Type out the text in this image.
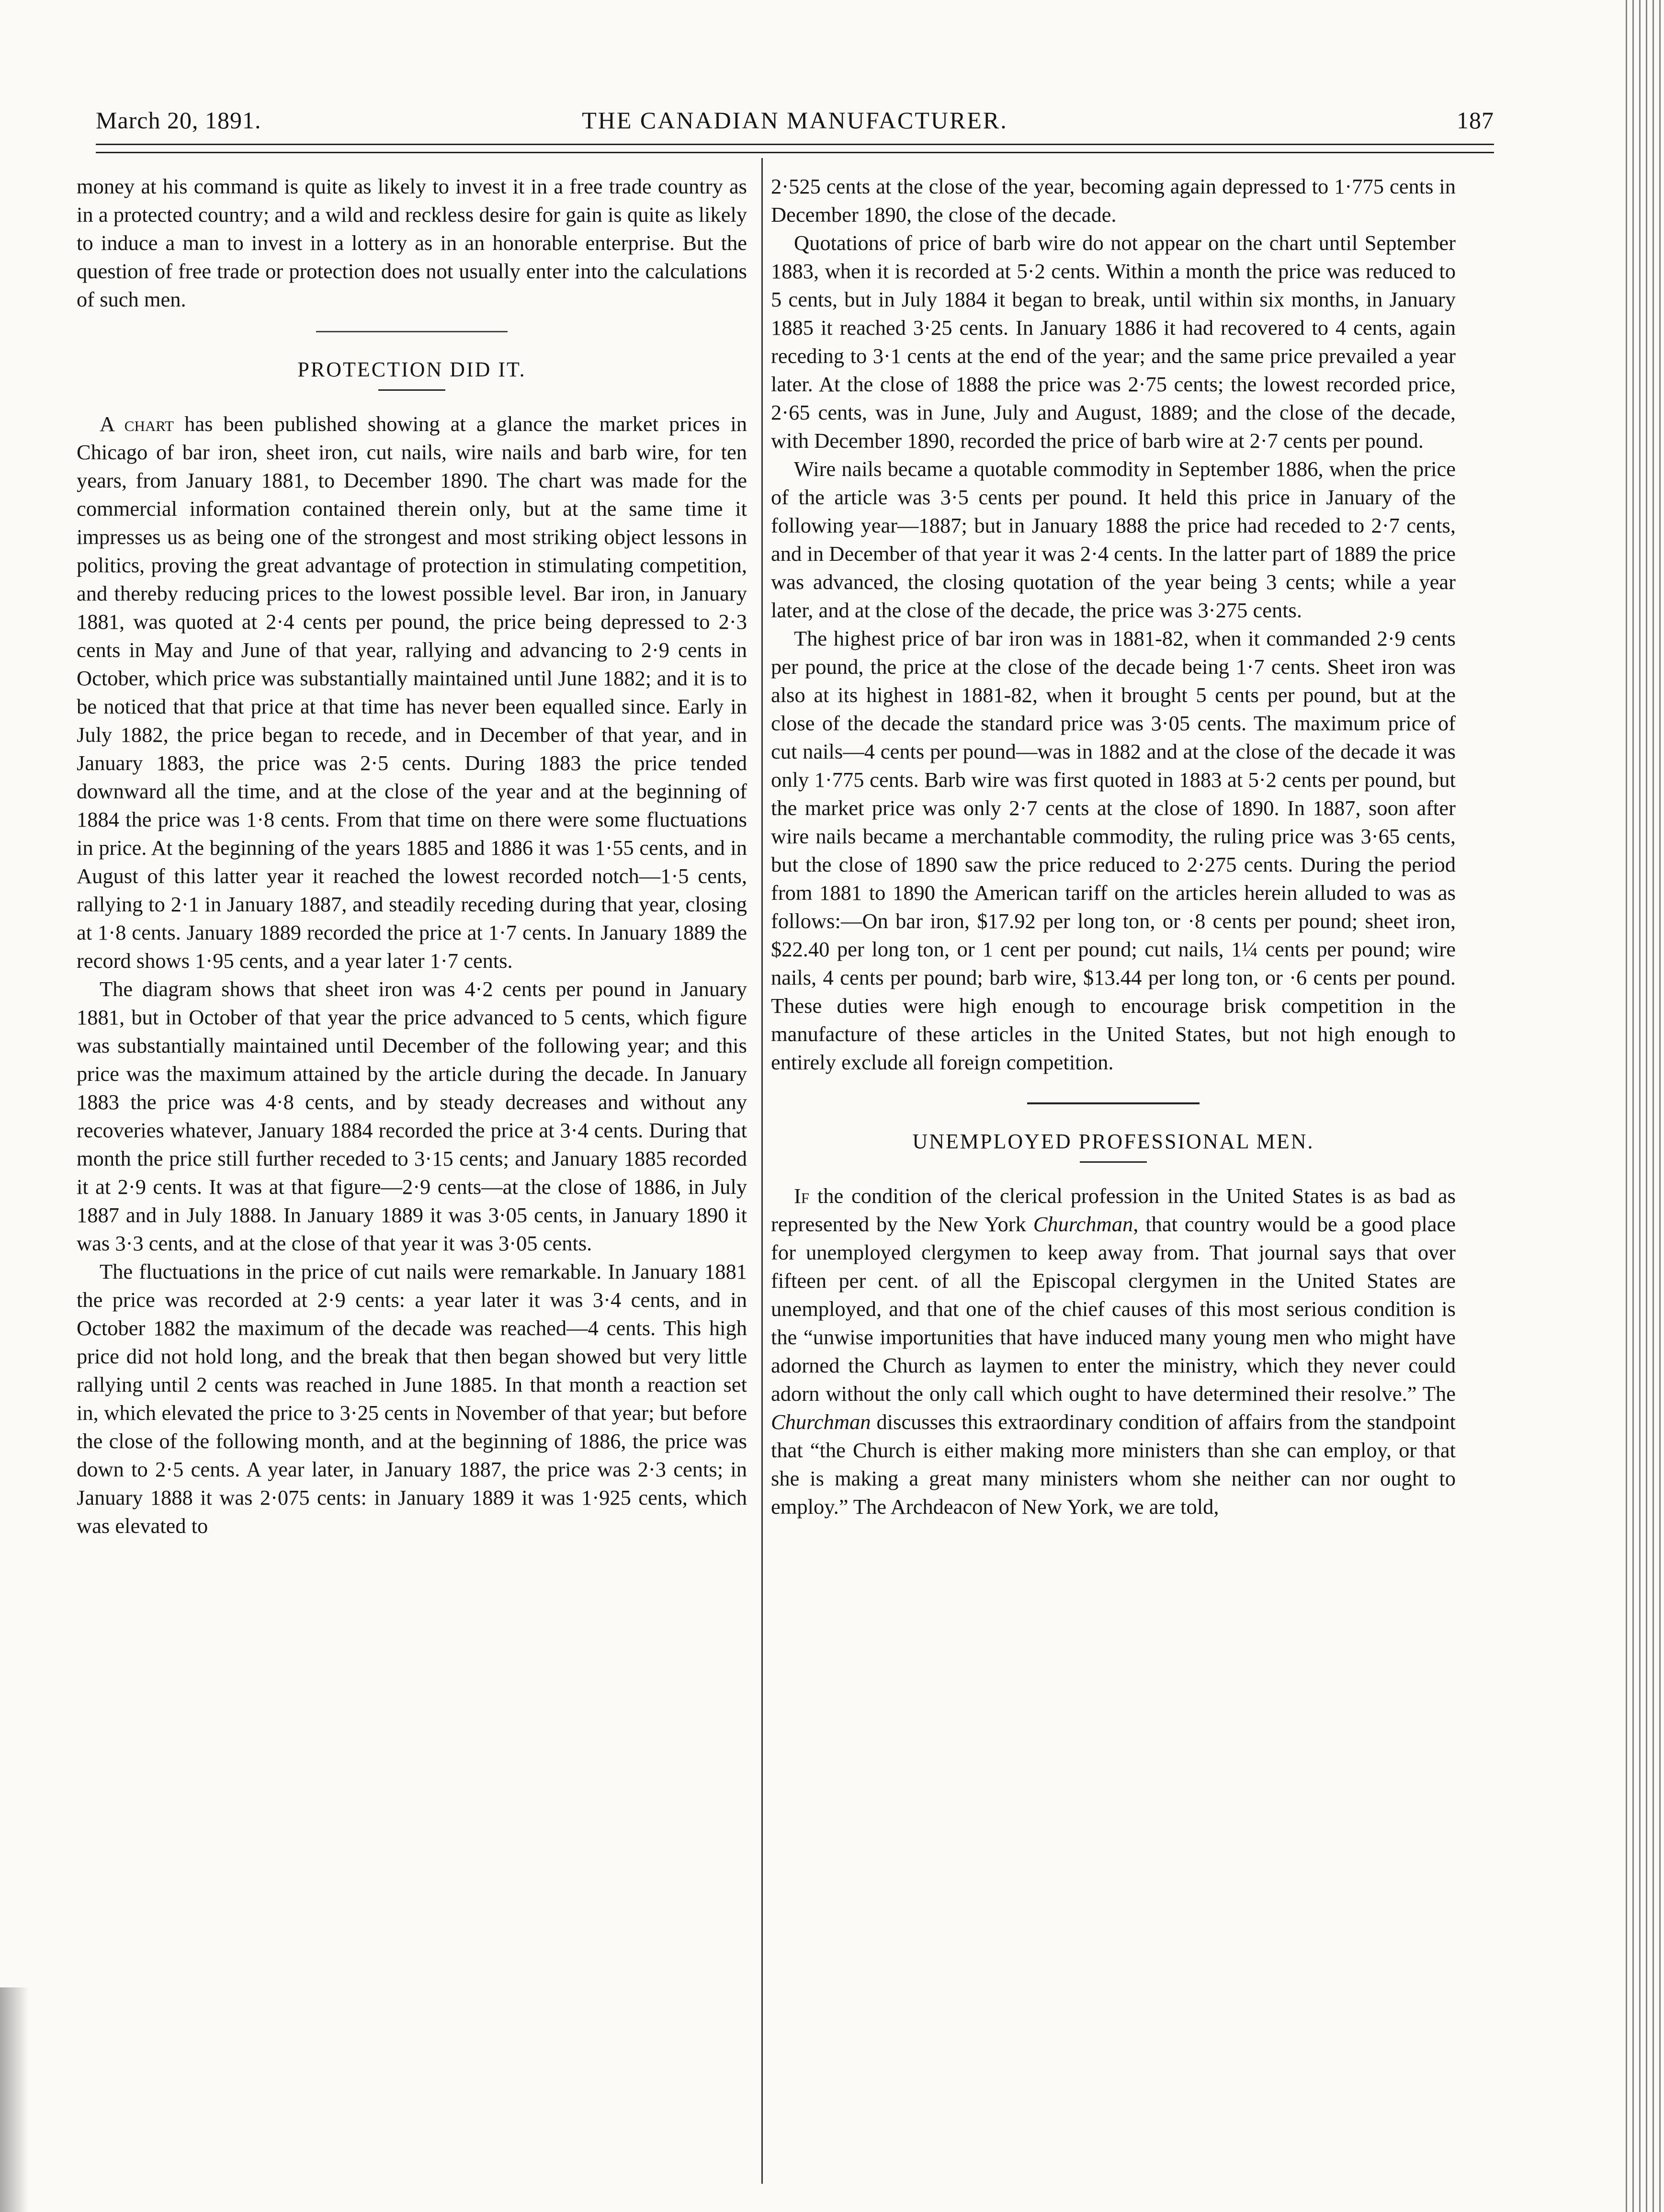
March 20, 1891.	THE CANADIAN MANUFACTURER.	187

money at his command is quite as likely to invest it in a free trade country as in a protected country; and a wild and reckless desire for gain is quite as likely to induce a man to invest in a lottery as in an honorable enterprise. But the question of free trade or protection does not usually enter into the calculations of such men.

PROTECTION DID IT.

A chart has been published showing at a glance the market prices in Chicago of bar iron, sheet iron, cut nails, wire nails and barb wire, for ten years, from January 1881, to December 1890. The chart was made for the commercial information contained therein only, but at the same time it impresses us as being one of the strongest and most striking object lessons in politics, proving the great advantage of protection in stimulating competition, and thereby reducing prices to the lowest possible level. Bar iron, in January 1881, was quoted at 2·4 cents per pound, the price being depressed to 2·3 cents in May and June of that year, rallying and advancing to 2·9 cents in October, which price was substantially maintained until June 1882; and it is to be noticed that that price at that time has never been equalled since. Early in July 1882, the price began to recede, and in December of that year, and in January 1883, the price was 2·5 cents. During 1883 the price tended downward all the time, and at the close of the year and at the beginning of 1884 the price was 1·8 cents. From that time on there were some fluctuations in price. At the beginning of the years 1885 and 1886 it was 1·55 cents, and in August of this latter year it reached the lowest recorded notch—1·5 cents, rallying to 2·1 in January 1887, and steadily receding during that year, closing at 1·8 cents. January 1889 recorded the price at 1·7 cents. In January 1889 the record shows 1·95 cents, and a year later 1·7 cents.

The diagram shows that sheet iron was 4·2 cents per pound in January 1881, but in October of that year the price advanced to 5 cents, which figure was substantially maintained until December of the following year; and this price was the maximum attained by the article during the decade. In January 1883 the price was 4·8 cents, and by steady decreases and without any recoveries whatever, January 1884 recorded the price at 3·4 cents. During that month the price still further receded to 3·15 cents; and January 1885 recorded it at 2·9 cents. It was at that figure—2·9 cents—at the close of 1886, in July 1887 and in July 1888. In January 1889 it was 3·05 cents, in January 1890 it was 3·3 cents, and at the close of that year it was 3·05 cents.

The fluctuations in the price of cut nails were remarkable. In January 1881 the price was recorded at 2·9 cents: a year later it was 3·4 cents, and in October 1882 the maximum of the decade was reached—4 cents. This high price did not hold long, and the break that then began showed but very little rallying until 2 cents was reached in June 1885. In that month a reaction set in, which elevated the price to 3·25 cents in November of that year; but before the close of the following month, and at the beginning of 1886, the price was down to 2·5 cents. A year later, in January 1887, the price was 2·3 cents; in January 1888 it was 2·075 cents: in January 1889 it was 1·925 cents, which was elevated to

2·525 cents at the close of the year, becoming again depressed to 1·775 cents in December 1890, the close of the decade.

Quotations of price of barb wire do not appear on the chart until September 1883, when it is recorded at 5·2 cents. Within a month the price was reduced to 5 cents, but in July 1884 it began to break, until within six months, in January 1885 it reached 3·25 cents. In January 1886 it had recovered to 4 cents, again receding to 3·1 cents at the end of the year; and the same price prevailed a year later. At the close of 1888 the price was 2·75 cents; the lowest recorded price, 2·65 cents, was in June, July and August, 1889; and the close of the decade, with December 1890, recorded the price of barb wire at 2·7 cents per pound.

Wire nails became a quotable commodity in September 1886, when the price of the article was 3·5 cents per pound. It held this price in January of the following year—1887; but in January 1888 the price had receded to 2·7 cents, and in December of that year it was 2·4 cents. In the latter part of 1889 the price was advanced, the closing quotation of the year being 3 cents; while a year later, and at the close of the decade, the price was 3·275 cents.

The highest price of bar iron was in 1881-82, when it commanded 2·9 cents per pound, the price at the close of the decade being 1·7 cents. Sheet iron was also at its highest in 1881-82, when it brought 5 cents per pound, but at the close of the decade the standard price was 3·05 cents. The maximum price of cut nails—4 cents per pound—was in 1882 and at the close of the decade it was only 1·775 cents. Barb wire was first quoted in 1883 at 5·2 cents per pound, but the market price was only 2·7 cents at the close of 1890. In 1887, soon after wire nails became a merchantable commodity, the ruling price was 3·65 cents, but the close of 1890 saw the price reduced to 2·275 cents. During the period from 1881 to 1890 the American tariff on the articles herein alluded to was as follows:—On bar iron, $17.92 per long ton, or ·8 cents per pound; sheet iron, $22.40 per long ton, or 1 cent per pound; cut nails, 1¼ cents per pound; wire nails, 4 cents per pound; barb wire, $13.44 per long ton, or ·6 cents per pound. These duties were high enough to encourage brisk competition in the manufacture of these articles in the United States, but not high enough to entirely exclude all foreign competition.

UNEMPLOYED PROFESSIONAL MEN.

If the condition of the clerical profession in the United States is as bad as represented by the New York Churchman, that country would be a good place for unemployed clergymen to keep away from. That journal says that over fifteen per cent. of all the Episcopal clergymen in the United States are unemployed, and that one of the chief causes of this most serious condition is the “unwise importunities that have induced many young men who might have adorned the Church as laymen to enter the ministry, which they never could adorn without the only call which ought to have determined their resolve.” The Churchman discusses this extraordinary condition of affairs from the standpoint that “the Church is either making more ministers than she can employ, or that she is making a great many ministers whom she neither can nor ought to employ.” The Archdeacon of New York, we are told,
